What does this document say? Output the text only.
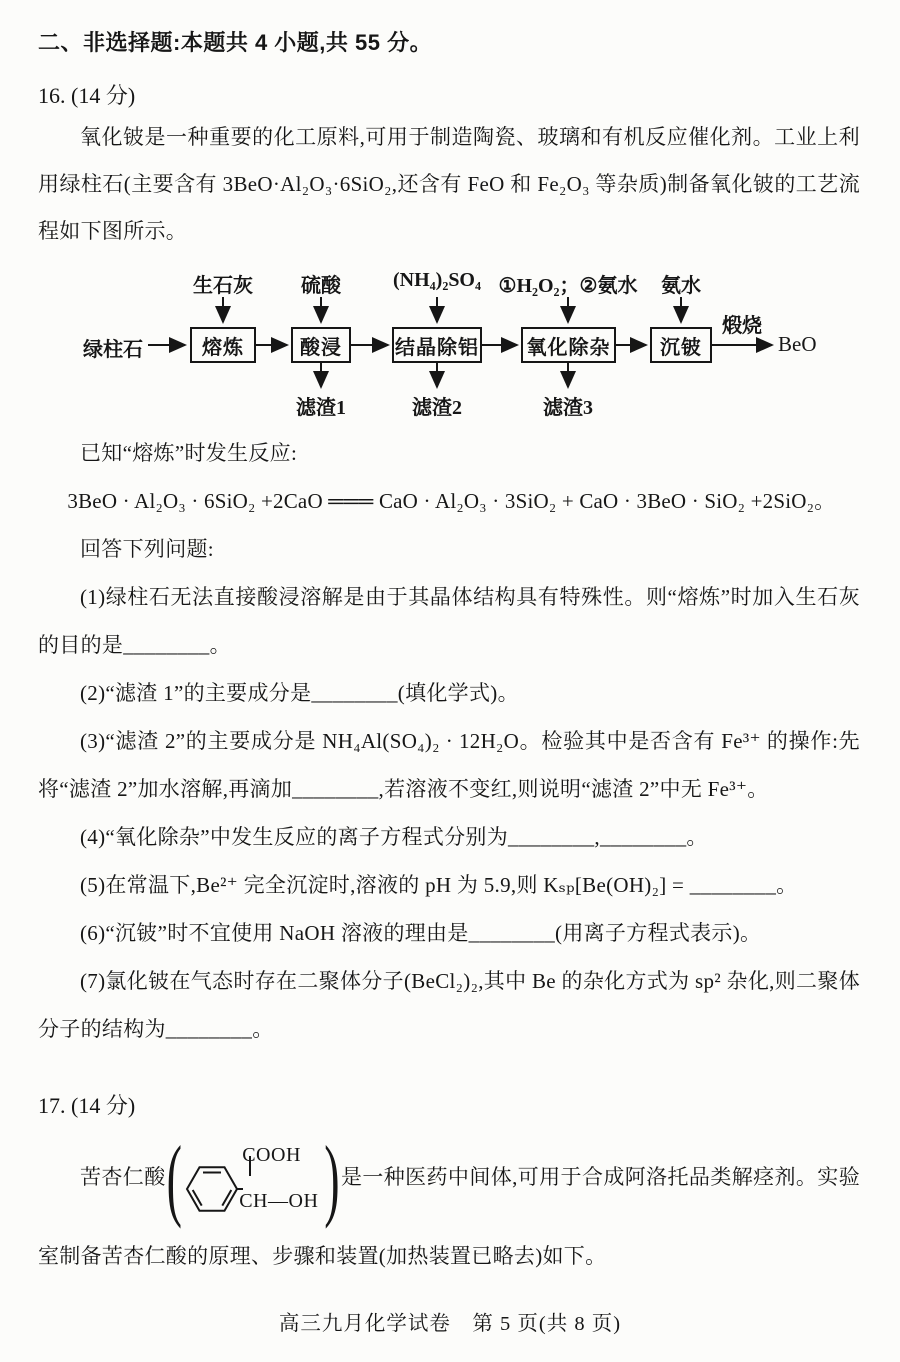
二、非选择题:本题共 4 小题,共 55 分。
16. (14 分)

氧化铍是一种重要的化工原料,可用于制造陶瓷、玻璃和有机反应催化剂。工业上利用绿柱石(主要含有 3BeO·Al₂O₃·6SiO₂,还含有 FeO 和 Fe₂O₃ 等杂质)制备氧化铍的工艺流程如下图所示。

生石灰 硫酸	(NH₄)₂SO₄ ①H₂O₂；②氨水 氨水
绿柱石	熔炼	酸浸	结晶除铝 氧化除杂	沉铍
煅烧
BeO
滤渣1	滤渣2	滤渣3

已知“熔炼”时发生反应:

3BeO · Al₂O₃ · 6SiO₂ +2CaO ═══ CaO · Al₂O₃ · 3SiO₂ + CaO · 3BeO · SiO₂ +2SiO₂。

回答下列问题:

(1)绿柱石无法直接酸浸溶解是由于其晶体结构具有特殊性。则“熔炼”时加入生石灰的目的是________。

(2)“滤渣 1”的主要成分是________(填化学式)。

(3)“滤渣 2”的主要成分是 NH₄Al(SO₄)₂ · 12H₂O。检验其中是否含有 Fe³⁺ 的操作:先将“滤渣 2”加水溶解,再滴加________,若溶液不变红,则说明“滤渣 2”中无 Fe³⁺。

(4)“氧化除杂”中发生反应的离子方程式分别为________,________。

(5)在常温下,Be²⁺ 完全沉淀时,溶液的 pH 为 5.9,则 Kₛₚ[Be(OH)₂] = ________。

(6)“沉铍”时不宜使用 NaOH 溶液的理由是________(用离子方程式表示)。

(7)氯化铍在气态时存在二聚体分子(BeCl₂)₂,其中 Be 的杂化方式为 sp² 杂化,则二聚体分子的结构为________。

17. (14 分)
苦杏仁酸 (	COOH
CH—OH ) 是一种医药中间体,可用于合成阿洛托品类解痉剂。实验室制备苦杏仁酸的原理、步骤和装置(加热装置已略去)如下。
高三九月化学试卷　第 5 页(共 8 页)
